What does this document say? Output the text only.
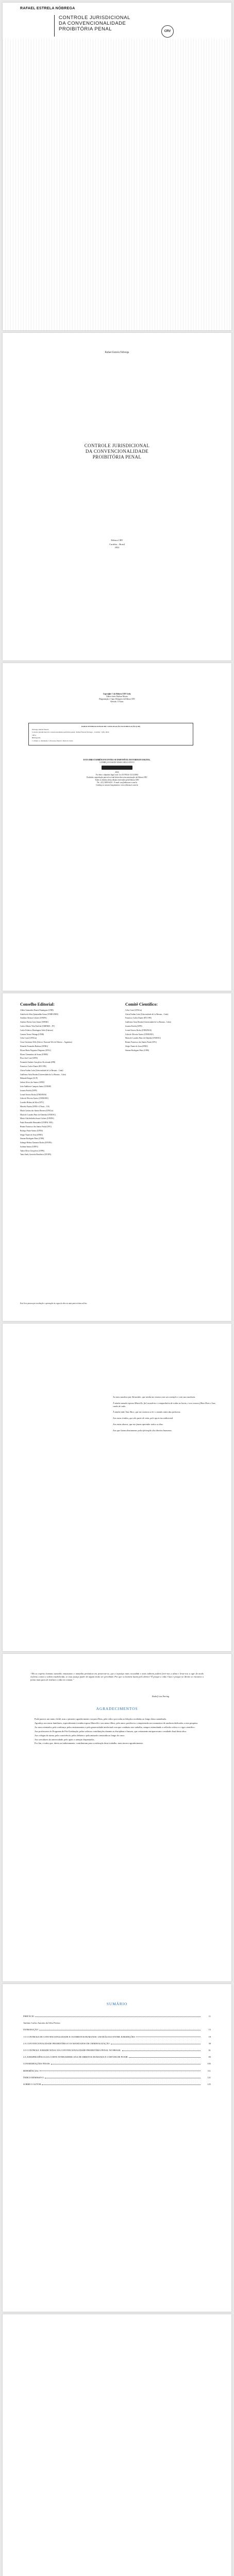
RAFAEL ESTRELA NÓBREGA
CONTROLE JURISDICIONAL
DA CONVENCIONALIDADE
PROIBITÓRIA PENAL	CRV
Rafael Estrela Nóbrega
CONTROLE JURISDICIONAL
DA CONVENCIONALIDADE
PROIBITÓRIA PENAL
Editora CRV
Curitiba – Brasil
2022
Copyright © da Editora CRV Ltda.
Editor-chefe: Railson Moura
Diagramação e Capa: Designers da Editora CRV
Revisão: O Autor

DADOS INTERNACIONAIS DE CATALOGAÇÃO NA PUBLICAÇÃO (CIP)

Nóbrega, Rafael Estrela

Controle jurisdicional da convencionalidade proibitória penal / Rafael Estrela Nóbrega – Curitiba : CRV, 2022.

128 p.

Bibliografia

1. Direito 2. Jurisdição 3. Processo Penal I. Título II. Série

ESTA OBRA TAMBÉM ENCONTRA-SE DISPONÍVEL EM FORMATO DIGITAL.
CONHEÇA E BAIXE NOSSO APLICATIVO!
2022
Foi feito o depósito legal conf. Lei 10.994 de 14/12/2004
Proibida a reprodução parcial ou total desta obra sem autorização da Editora CRV
Todos os direitos desta edição reservados pela Editora CRV
Tel.: (41) 3039-6418 – E-mail: sac@editoracrv.com.br
Conheça os nossos lançamentos: www.editoracrv.com.br
Conselho Editorial:

Aldira Guimarães Duarte Domínguez (UNB)

Andréia da Silva Quintanilha Sousa (UNIR/UFRN)

Anselmo Alencar Colares (UFOPA)

Antônio Pereira Gaio Júnior (UFRRJ)

Carlos Alberto Vilar Estêvão (UMINHO – PT)

Carlos Federico Dominguez Avila (Unieuro)

Carmen Tereza Velanga (UNIR)

Celso Conti (UFSCar)

Cesar Gerónimo Tello (Univer. Nacional Três de Febrero – Argentina)

Eduardo Fernandes Barbosa (UFMG)

Elione Maria Nogueira Diogenes (UFAL)

Elizeu Clementino de Souza (UNEB)

Élsio José Corá (UFFS)

Fernando Antônio Gonçalves Alcoforado (IPB)

Francisco Carlos Duarte (PUC-PR)

Gloria Fariñas León (Universidade de La Havana – Cuba)

Guillermo Arias Beatón (Universidade de La Havana – Cuba)

Helmuth Krüger (UCP)

Jailson Alves dos Santos (UFRJ)

João Adalberto Campato Junior (UNESP)

Josania Portela (UFPI)

Leonel Severo Rocha (UNISINOS)

Lídia de Oliveira Xavier (UNIEURO)

Lourdes Helena da Silva (UFV)

Marcelo Paixão (UFRJ e UTexas – US)

Maria Cristina dos Santos Bezerra (UFSCar)

Maria de Lourdes Pinto de Almeida (UNOESC)

Maria Lília Imbiriba Sousa Colares (UFOPA)

Paulo Romualdo Hernandes (UNIFAL-MG)

Renato Francisco dos Santos Paula (UFG)

Rodrigo Pratte-Santos (UFES)

Sérgio Nunes de Jesus (IFRO)

Simone Rodrigues Pinto (UNB)

Solange Helena Ximenes-Rocha (UFOPA)

Sydione Santos (UEPG)

Tadeu Oliver Gonçalves (UFPA)

Tania Suely Azevedo Brasileiro (UFOPA)

Comitê Científico:

Celso Conti (UFSCar)

Gloria Fariñas León (Universidade de La Havana – Cuba)

Francisco Carlos Duarte (PUC-PR)

Guillermo Arias Beatón (Universidade de La Havana – Cuba)

Josania Portela (UFPI)

Leonel Severo Rocha (UNISINOS)

Lídia de Oliveira Xavier (UNIEURO)

Maria de Lourdes Pinto de Almeida (UNOESC)

Renato Francisco dos Santos Paula (UFG)

Sérgio Nunes de Jesus (IFRO)

Simone Rodrigues Pinto (UNB)

Este livro passou por avaliação e aprovação às cegas de dois ou mais pareceristas ad hoc.

Ao meu saudoso pai Alexandre, que ainda me ensina com seu exemplo e com sua ausência.

À minha amada esposa Marcelle, fiel escudeira e companheira de todas as horas, e aos nossos filhos Dom e Lua, razão de tudo.

À minha mãe Ana Alice, que me ensinou a ler o mundo antes das palavras.

Aos meus irmãos, que são parte de mim, pelo apoio incondicional.

Aos meus alunos, que me fazem aprender todos os dias.

Aos que lutam diariamente pela efetivação dos direitos humanos.

“Há no espírito humano tamanho entusiasmo e tamanha pertinácia em preservar-se, que a injustiça mais escondida e mais indireta poderá ferir-nos a alma e levar-nos a agir de modo violento contra a ordem estabelecida, se essa justiça puder de algum modo ser percebida. Por que os homens lutam pelo direito? É porque a vida é luta e porque no direito se encontra a forma mais pura de realizar a vida em comum.”
Rudolf von Ihering
AGRADECIMENTOS

Pode parecer um tanto clichê, mas o primeiro agradecimento vai para Deus, pela vida e por todas as bênçãos recebidas ao longo desta caminhada.

Agradeço aos meus familiares, especialmente à minha esposa Marcelle e aos meus filhos, pelo amor, paciência e compreensão nos momentos de ausência dedicados a esta pesquisa.

Ao meu orientador, pela confiança, pelos ensinamentos e pela generosidade intelectual com que conduziu este trabalho, sempre estimulando a reflexão crítica e o rigor científico.

Aos professores do Programa de Pós-Graduação, pelas valiosas contribuições durante as disciplinas e bancas, que certamente enriqueceram o resultado final desta obra.

Aos colegas de turma, pela convivência, pelos debates e pela amizade construída ao longo do curso.

Aos servidores da universidade, pelo apoio e atenção dispensados.

Por fim, a todos que, direta ou indiretamente, contribuíram para a realização deste trabalho, meu sincero agradecimento.

SUMÁRIO
PREFÁCIO	11
Antônio Carlos Amorim da Silva Pereira
INTRODUÇÃO	15
1 O CONTROLE DE CONVENCIONALIDADE E OS DIREITOS HUMANOS: UM DIÁLOGO ENTRE JURISDIÇÕES	19
2 A CONVENCIONALIDADE PROIBITÓRIA E OS MANDADOS DE CRIMINALIZAÇÃO	39
3 O CONTROLE JURISDICIONAL DA CONVENCIONALIDADE PROIBITÓRIA PENAL NO BRASIL	61
4 A JURISPRUDÊNCIA DA CORTE INTERAMERICANA DE DIREITOS HUMANOS E O DEVER DE PUNIR	83
CONSIDERAÇÕES FINAIS	105
REFERÊNCIAS	111
ÍNDICE REMISSIVO	121
SOBRE O AUTOR	125
